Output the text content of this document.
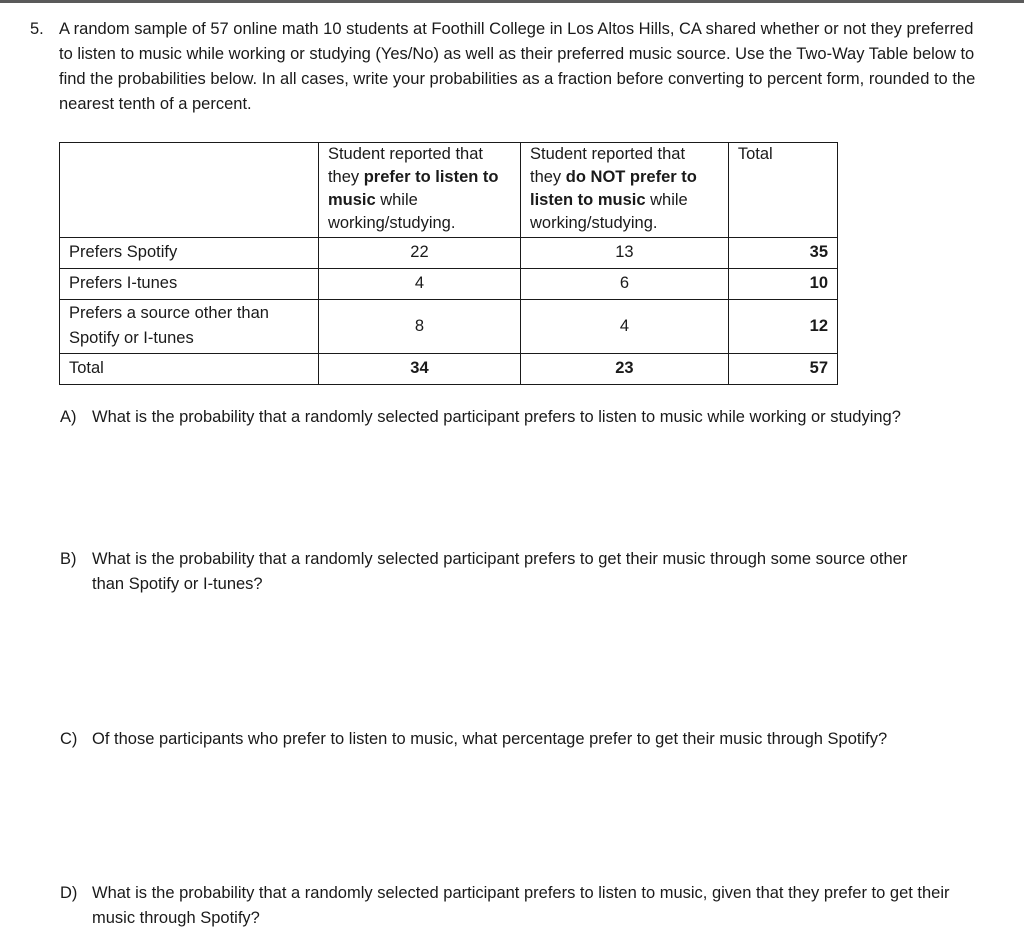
5. A random sample of 57 online math 10 students at Foothill College in Los Altos Hills, CA shared whether or not they preferred to listen to music while working or studying (Yes/No) as well as their preferred music source. Use the Two-Way Table below to find the probabilities below. In all cases, write your probabilities as a fraction before converting to percent form, rounded to the nearest tenth of a percent.
	Student reported that they prefer to listen to music while working/studying.	Student reported that they do NOT prefer to listen to music while working/studying.	Total
Prefers Spotify	22	13	35
Prefers I-tunes	4	6	10
Prefers a source other than Spotify or I-tunes	8	4	12
Total	34	23	57
A) What is the probability that a randomly selected participant prefers to listen to music while working or studying?
B) What is the probability that a randomly selected participant prefers to get their music through some source other than Spotify or I-tunes?
C) Of those participants who prefer to listen to music, what percentage prefer to get their music through Spotify?
D) What is the probability that a randomly selected participant prefers to listen to music, given that they prefer to get their music through Spotify?
